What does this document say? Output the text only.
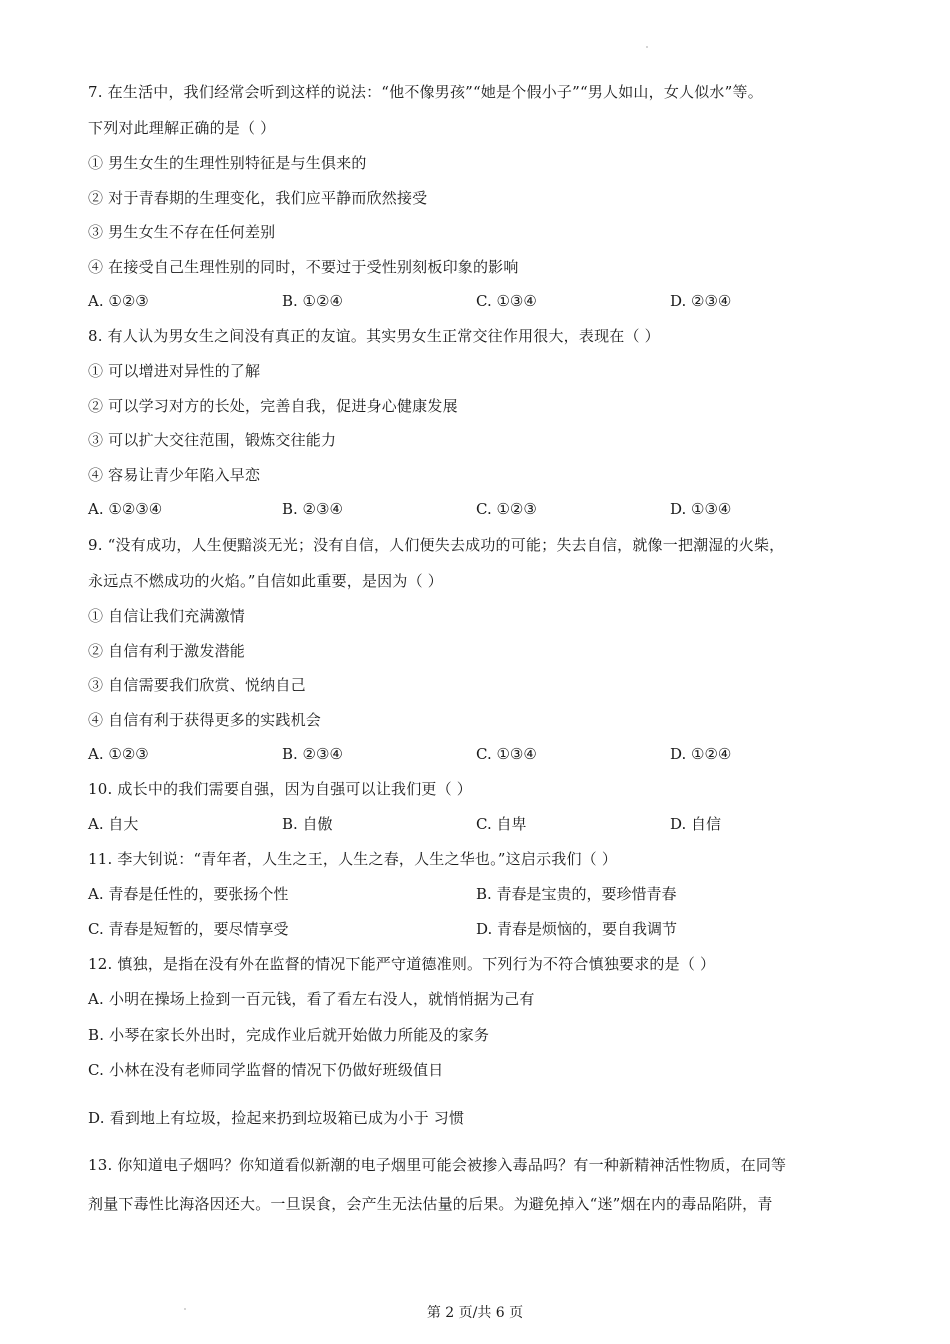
7. 在生活中，我们经常会听到这样的说法：“他不像男孩”“她是个假小子”“男人如山，女人似水”等。
下列对此理解正确的是（ ）
① 男生女生的生理性别特征是与生俱来的
② 对于青春期的生理变化，我们应平静而欣然接受
③ 男生女生不存在任何差别
④ 在接受自己生理性别的同时，不要过于受性别刻板印象的影响
A. ①②③	B. ①②④	C. ①③④	D. ②③④
8. 有人认为男女生之间没有真正的友谊。其实男女生正常交往作用很大，表现在（ ）
① 可以增进对异性的了解
② 可以学习对方的长处，完善自我，促进身心健康发展
③ 可以扩大交往范围，锻炼交往能力
④ 容易让青少年陷入早恋
A. ①②③④	B. ②③④	C. ①②③	D. ①③④
9. “没有成功，人生便黯淡无光；没有自信，人们便失去成功的可能；失去自信，就像一把潮湿的火柴，
永远点不燃成功的火焰。”自信如此重要，是因为（ ）
① 自信让我们充满激情
② 自信有利于激发潜能
③ 自信需要我们欣赏、悦纳自己
④ 自信有利于获得更多的实践机会
A. ①②③	B. ②③④	C. ①③④	D. ①②④
10. 成长中的我们需要自强，因为自强可以让我们更（ ）
A. 自大	B. 自傲	C. 自卑	D. 自信
11. 李大钊说：“青年者，人生之王，人生之春，人生之华也。”这启示我们（ ）
A. 青春是任性的，要张扬个性	B. 青春是宝贵的，要珍惜青春
C. 青春是短暂的，要尽情享受	D. 青春是烦恼的，要自我调节
12. 慎独，是指在没有外在监督的情况下能严守道德准则。下列行为不符合慎独要求的是（ ）
A. 小明在操场上捡到一百元钱，看了看左右没人，就悄悄据为己有
B. 小琴在家长外出时，完成作业后就开始做力所能及的家务
C. 小林在没有老师同学监督的情况下仍做好班级值日
D. 看到地上有垃圾，捡起来扔到垃圾箱已成为小于 习惯
13. 你知道电子烟吗？你知道看似新潮的电子烟里可能会被掺入毒品吗？有一种新精神活性物质，在同等
剂量下毒性比海洛因还大。一旦误食，会产生无法估量的后果。为避免掉入“迷”烟在内的毒品陷阱，青
第 2 页/共 6 页
